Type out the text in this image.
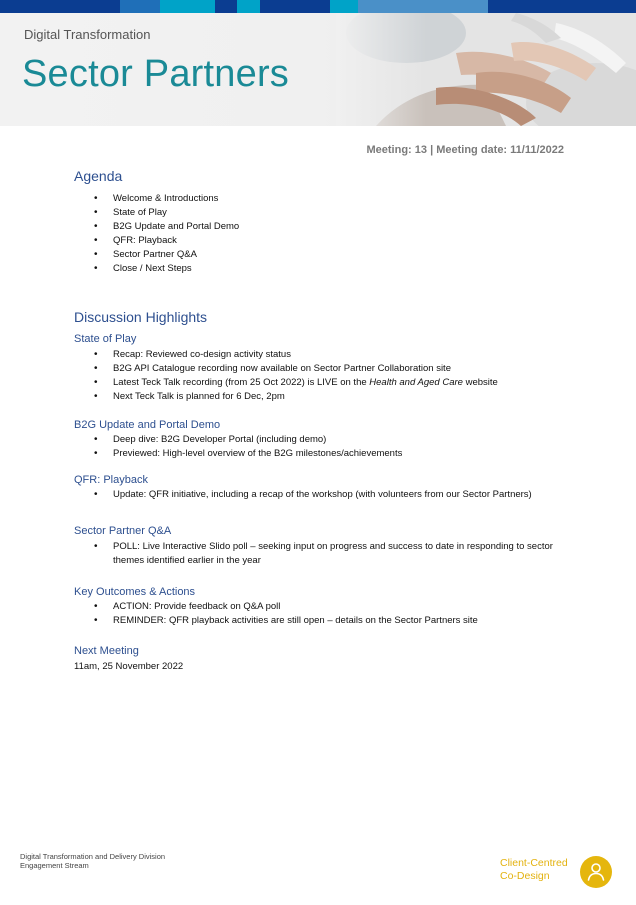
Digital Transformation
Sector Partners
Meeting: 13 | Meeting date: 11/11/2022
Agenda
• Welcome & Introductions
• State of Play
• B2G Update and Portal Demo
• QFR: Playback
• Sector Partner Q&A
• Close / Next Steps
Discussion Highlights
State of Play
• Recap: Reviewed co-design activity status
• B2G API Catalogue recording now available on Sector Partner Collaboration site
• Latest Teck Talk recording (from 25 Oct 2022) is LIVE on the Health and Aged Care website
• Next Teck Talk is planned for 6 Dec, 2pm
B2G Update and Portal Demo
• Deep dive: B2G Developer Portal (including demo)
• Previewed: High-level overview of the B2G milestones/achievements
QFR: Playback
• Update: QFR initiative, including a recap of the workshop (with volunteers from our Sector Partners)
Sector Partner Q&A
• POLL: Live Interactive Slido poll – seeking input on progress and success to date in responding to sector themes identified earlier in the year
Key Outcomes & Actions
• ACTION: Provide feedback on Q&A poll
• REMINDER: QFR playback activities are still open – details on the Sector Partners site
Next Meeting
11am, 25 November 2022
Digital Transformation and Delivery Division
Engagement Stream	Client-Centred
Co-Design
